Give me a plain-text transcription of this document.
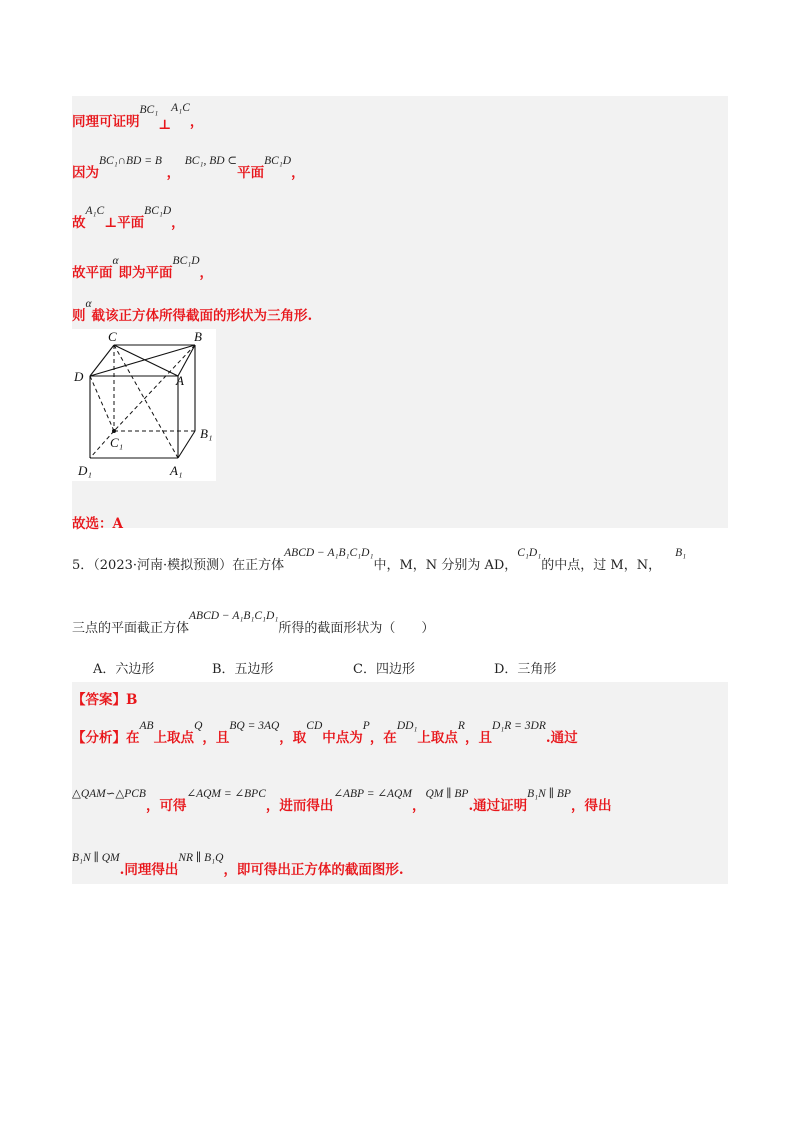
同理可证明BC₁⊥A₁C，
因为BC₁∩BD = B ， BC₁, BD ⊂平面BC₁D，
故A₁C⊥平面BC₁D，
故平面α即为平面BC₁D，
则α截该正方体所得截面的形状为三角形.
C	B
D	A
C₁
B₁
D₁	A₁
故选：A
5．（2023·河南·模拟预测）在正方体ABCD − A₁B₁C₁D₁中，M，N 分别为 AD，C₁D₁的中点，过 M，N，B₁
三点的平面截正方体ABCD − A₁B₁C₁D₁所得的截面形状为（　　）
A．六边形	B．五边形	C．四边形	D．三角形
【答案】B
【分析】在AB上取点Q，且BQ = 3AQ，取CD中点为P，在DD₁上取点R，且D₁R = 3DR.通过
△QAM∽△PCB，可得∠AQM = ∠BPC，进而得出∠ABP = ∠AQM，QM ∥ BP.通过证明B₁N ∥ BP，得出
B₁N ∥ QM.同理得出NR ∥ B₁Q，即可得出正方体的截面图形.
